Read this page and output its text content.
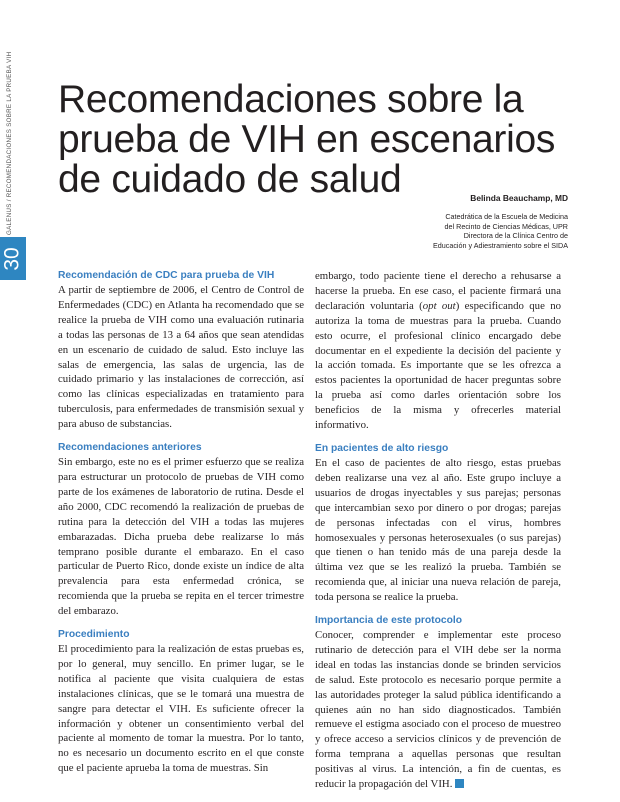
30
GALENUS / RECOMENDACIONES SOBRE LA PRUEBA VIH Recomendaciones sobre la prueba de VIH en escenarios de cuidado de salud	Belinda Beauchamp, MD
Catedrática de la Escuela de Medicina
del Recinto de Ciencias Médicas, UPR
Directora de la Clínica Centro de
Educación y Adiestramiento sobre el SIDA
Recomendación de CDC para prueba de VIH

A partir de septiembre de 2006, el Centro de Control de Enfermedades (CDC) en Atlanta ha recomendado que se realice la prueba de VIH como una evaluación rutinaria a todas las personas de 13 a 64 años que sean atendidas en un escenario de cuidado de salud. Esto incluye las salas de emergencia, las salas de urgencia, las de cuidado primario y las instalaciones de corrección, así como las clínicas especializadas en tratamiento para tuberculosis, para enfermedades de transmisión sexual y para abuso de substancias.

Recomendaciones anteriores

Sin embargo, este no es el primer esfuerzo que se realiza para estructurar un protocolo de pruebas de VIH como parte de los exámenes de laboratorio de rutina. Desde el año 2000, CDC recomendó la realización de pruebas de rutina para la detección del VIH a todas las mujeres embarazadas. Dicha prueba debe realizarse lo más temprano posible durante el embarazo. En el caso particular de Puerto Rico, donde existe un índice de alta prevalencia para esta enfermedad crónica, se recomienda que la prueba se repita en el tercer trimestre del embarazo.

Procedimiento

El procedimiento para la realización de estas pruebas es, por lo general, muy sencillo. En primer lugar, se le notifica al paciente que visita cualquiera de estas instalaciones clínicas, que se le tomará una muestra de sangre para detectar el VIH. Es suficiente ofrecer la información y obtener un consentimiento verbal del paciente al momento de tomar la muestra. Por lo tanto, no es necesario un documento escrito en el que conste que el paciente aprueba la toma de muestras. Sin

embargo, todo paciente tiene el derecho a rehusarse a hacerse la prueba. En ese caso, el paciente firmará una declaración voluntaria (opt out) especificando que no autoriza la toma de muestras para la prueba. Cuando esto ocurre, el profesional clínico encargado debe documentar en el expediente la decisión del paciente y la acción tomada. Es importante que se les ofrezca a estos pacientes la oportunidad de hacer preguntas sobre la prueba así como darles orientación sobre los beneficios de la misma y ofrecerles material informativo.

En pacientes de alto riesgo

En el caso de pacientes de alto riesgo, estas pruebas deben realizarse una vez al año. Este grupo incluye a usuarios de drogas inyectables y sus parejas; personas que intercambian sexo por dinero o por drogas; parejas de personas infectadas con el virus, hombres homosexuales y personas heterosexuales (o sus parejas) que tienen o han tenido más de una pareja desde la última vez que se les realizó la prueba. También se recomienda que, al iniciar una nueva relación de pareja, toda persona se realice la prueba.

Importancia de este protocolo

Conocer, comprender e implementar este proceso rutinario de detección para el VIH debe ser la norma ideal en todas las instancias donde se brinden servicios de salud. Este protocolo es necesario porque permite a las autoridades proteger la salud pública identificando a quienes aún no han sido diagnosticados. También remueve el estigma asociado con el proceso de muestreo y ofrece acceso a servicios clínicos y de prevención de forma temprana a aquellas personas que resultan positivas al virus. La intención, a fin de cuentas, es reducir la propagación del VIH.
